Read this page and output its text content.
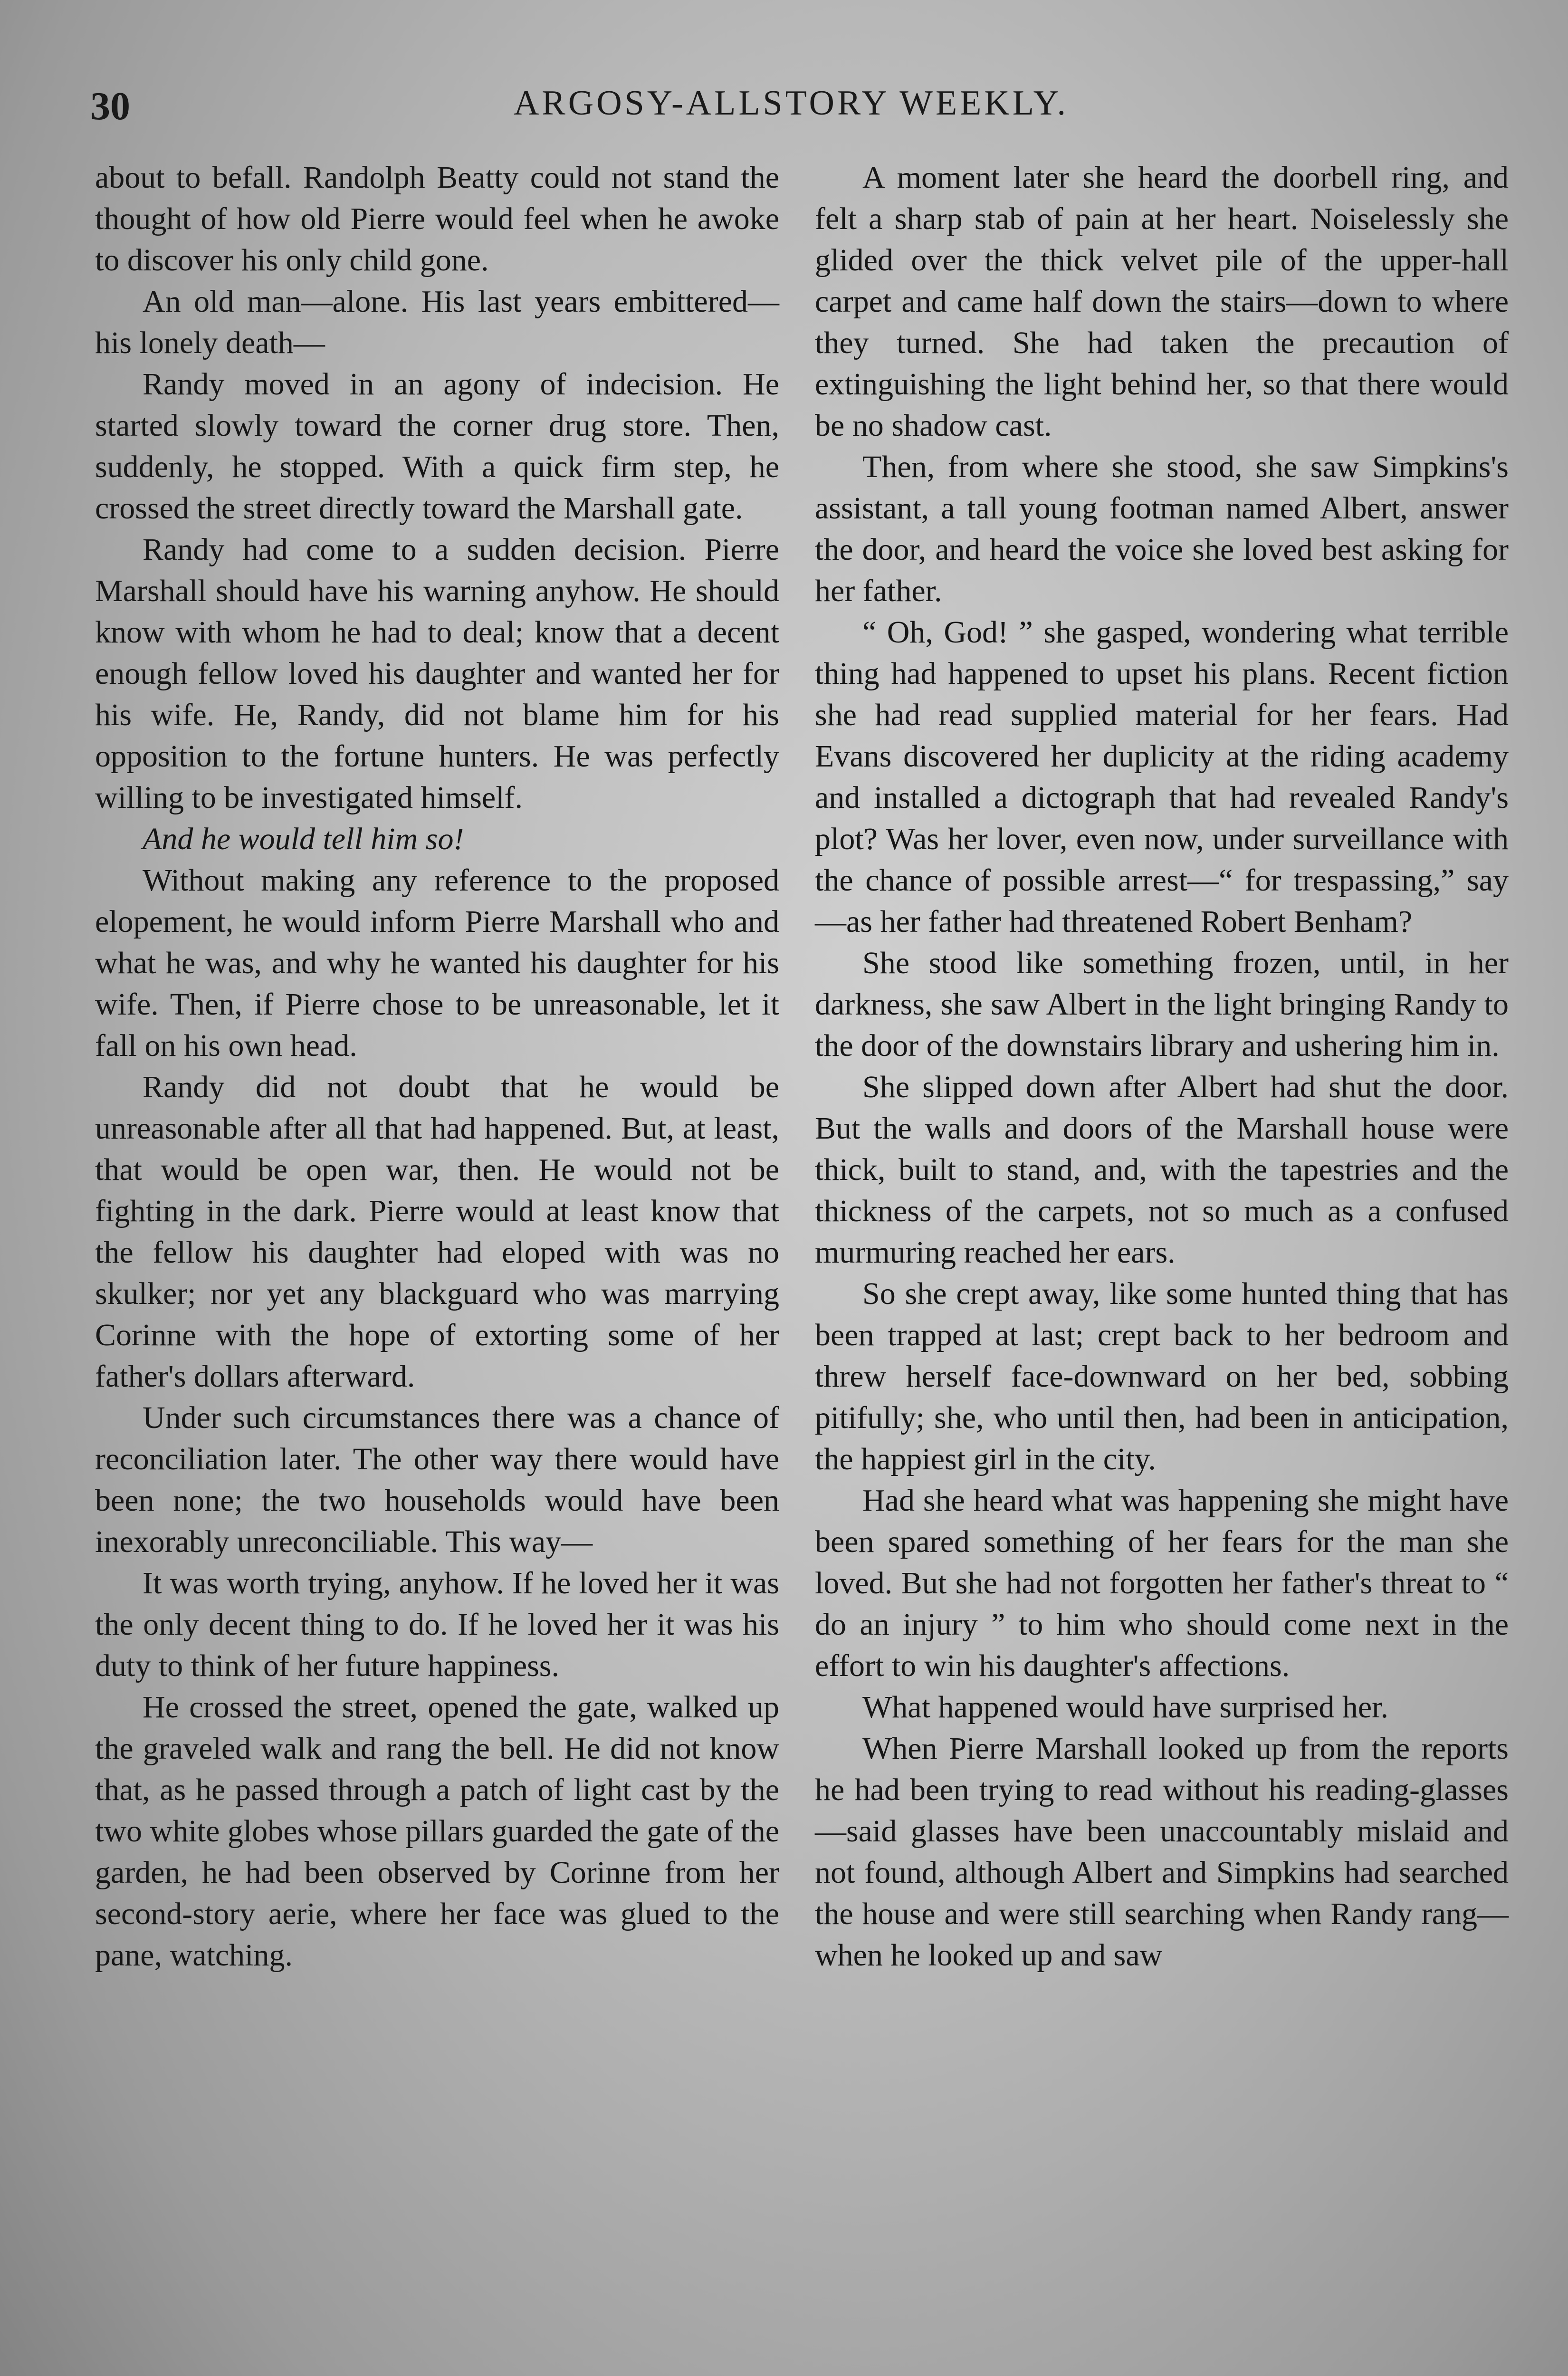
30	ARGOSY-ALLSTORY WEEKLY.

about to befall. Randolph Beatty could not stand the thought of how old Pierre would feel when he awoke to discover his only child gone.

An old man—alone. His last years embittered—his lonely death—

Randy moved in an agony of indecision. He started slowly toward the corner drug store. Then, suddenly, he stopped. With a quick firm step, he crossed the street directly toward the Marshall gate.

Randy had come to a sudden decision. Pierre Marshall should have his warning anyhow. He should know with whom he had to deal; know that a decent enough fellow loved his daughter and wanted her for his wife. He, Randy, did not blame him for his opposition to the fortune hunters. He was perfectly willing to be investigated himself.

And he would tell him so!

Without making any reference to the proposed elopement, he would inform Pierre Marshall who and what he was, and why he wanted his daughter for his wife. Then, if Pierre chose to be unreasonable, let it fall on his own head.

Randy did not doubt that he would be unreasonable after all that had happened. But, at least, that would be open war, then. He would not be fighting in the dark. Pierre would at least know that the fellow his daughter had eloped with was no skulker; nor yet any blackguard who was marrying Corinne with the hope of extorting some of her father's dollars afterward.

Under such circumstances there was a chance of reconciliation later. The other way there would have been none; the two households would have been inexorably unreconciliable. This way—

It was worth trying, anyhow. If he loved her it was the only decent thing to do. If he loved her it was his duty to think of her future happiness.

He crossed the street, opened the gate, walked up the graveled walk and rang the bell. He did not know that, as he passed through a patch of light cast by the two white globes whose pillars guarded the gate of the garden, he had been observed by Corinne from her second-story aerie, where her face was glued to the pane, watching.

A moment later she heard the doorbell ring, and felt a sharp stab of pain at her heart. Noiselessly she glided over the thick velvet pile of the upper-hall carpet and came half down the stairs—down to where they turned. She had taken the precaution of extinguishing the light behind her, so that there would be no shadow cast.

Then, from where she stood, she saw Simpkins's assistant, a tall young footman named Albert, answer the door, and heard the voice she loved best asking for her father.

“ Oh, God! ” she gasped, wondering what terrible thing had happened to upset his plans. Recent fiction she had read supplied material for her fears. Had Evans discovered her duplicity at the riding academy and installed a dictograph that had revealed Randy's plot? Was her lover, even now, under surveillance with the chance of possible arrest—“ for trespassing,” say—as her father had threatened Robert Benham?

She stood like something frozen, until, in her darkness, she saw Albert in the light bringing Randy to the door of the downstairs library and ushering him in.

She slipped down after Albert had shut the door. But the walls and doors of the Marshall house were thick, built to stand, and, with the tapestries and the thickness of the carpets, not so much as a confused murmuring reached her ears.

So she crept away, like some hunted thing that has been trapped at last; crept back to her bedroom and threw herself face-downward on her bed, sobbing pitifully; she, who until then, had been in anticipation, the happiest girl in the city.

Had she heard what was happening she might have been spared something of her fears for the man she loved. But she had not forgotten her father's threat to “ do an injury ” to him who should come next in the effort to win his daughter's affections.

What happened would have surprised her.

When Pierre Marshall looked up from the reports he had been trying to read without his reading-glasses—said glasses have been unaccountably mislaid and not found, although Albert and Simpkins had searched the house and were still searching when Randy rang—when he looked up and saw
